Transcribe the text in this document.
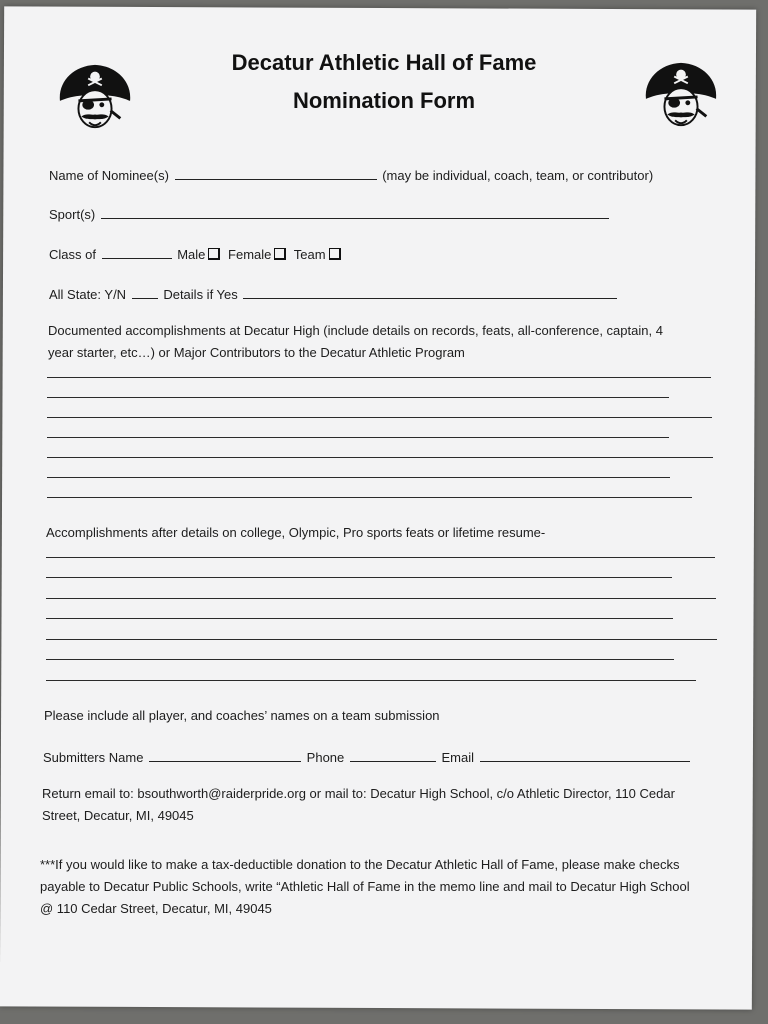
Decatur Athletic Hall of Fame
Nomination Form
Name of Nominee(s)	(may be individual, coach, team, or contributor)
Sport(s)
Class of	Male Female Team
All State: Y/N	Details if Yes
Documented accomplishments at Decatur High (include details on records, feats, all-conference, captain, 4
year starter, etc…) or Major Contributors to the Decatur Athletic Program
Accomplishments after details on college, Olympic, Pro sports feats or lifetime resume-
Please include all player, and coaches’ names on a team submission
Submitters Name	Phone	Email
Return email to: bsouthworth@raiderpride.org or mail to: Decatur High School, c/o Athletic Director, 110 Cedar
Street, Decatur, MI, 49045
***If you would like to make a tax-deductible donation to the Decatur Athletic Hall of Fame, please make checks
payable to Decatur Public Schools, write “Athletic Hall of Fame in the memo line and mail to Decatur High School
@ 110 Cedar Street, Decatur, MI, 49045
